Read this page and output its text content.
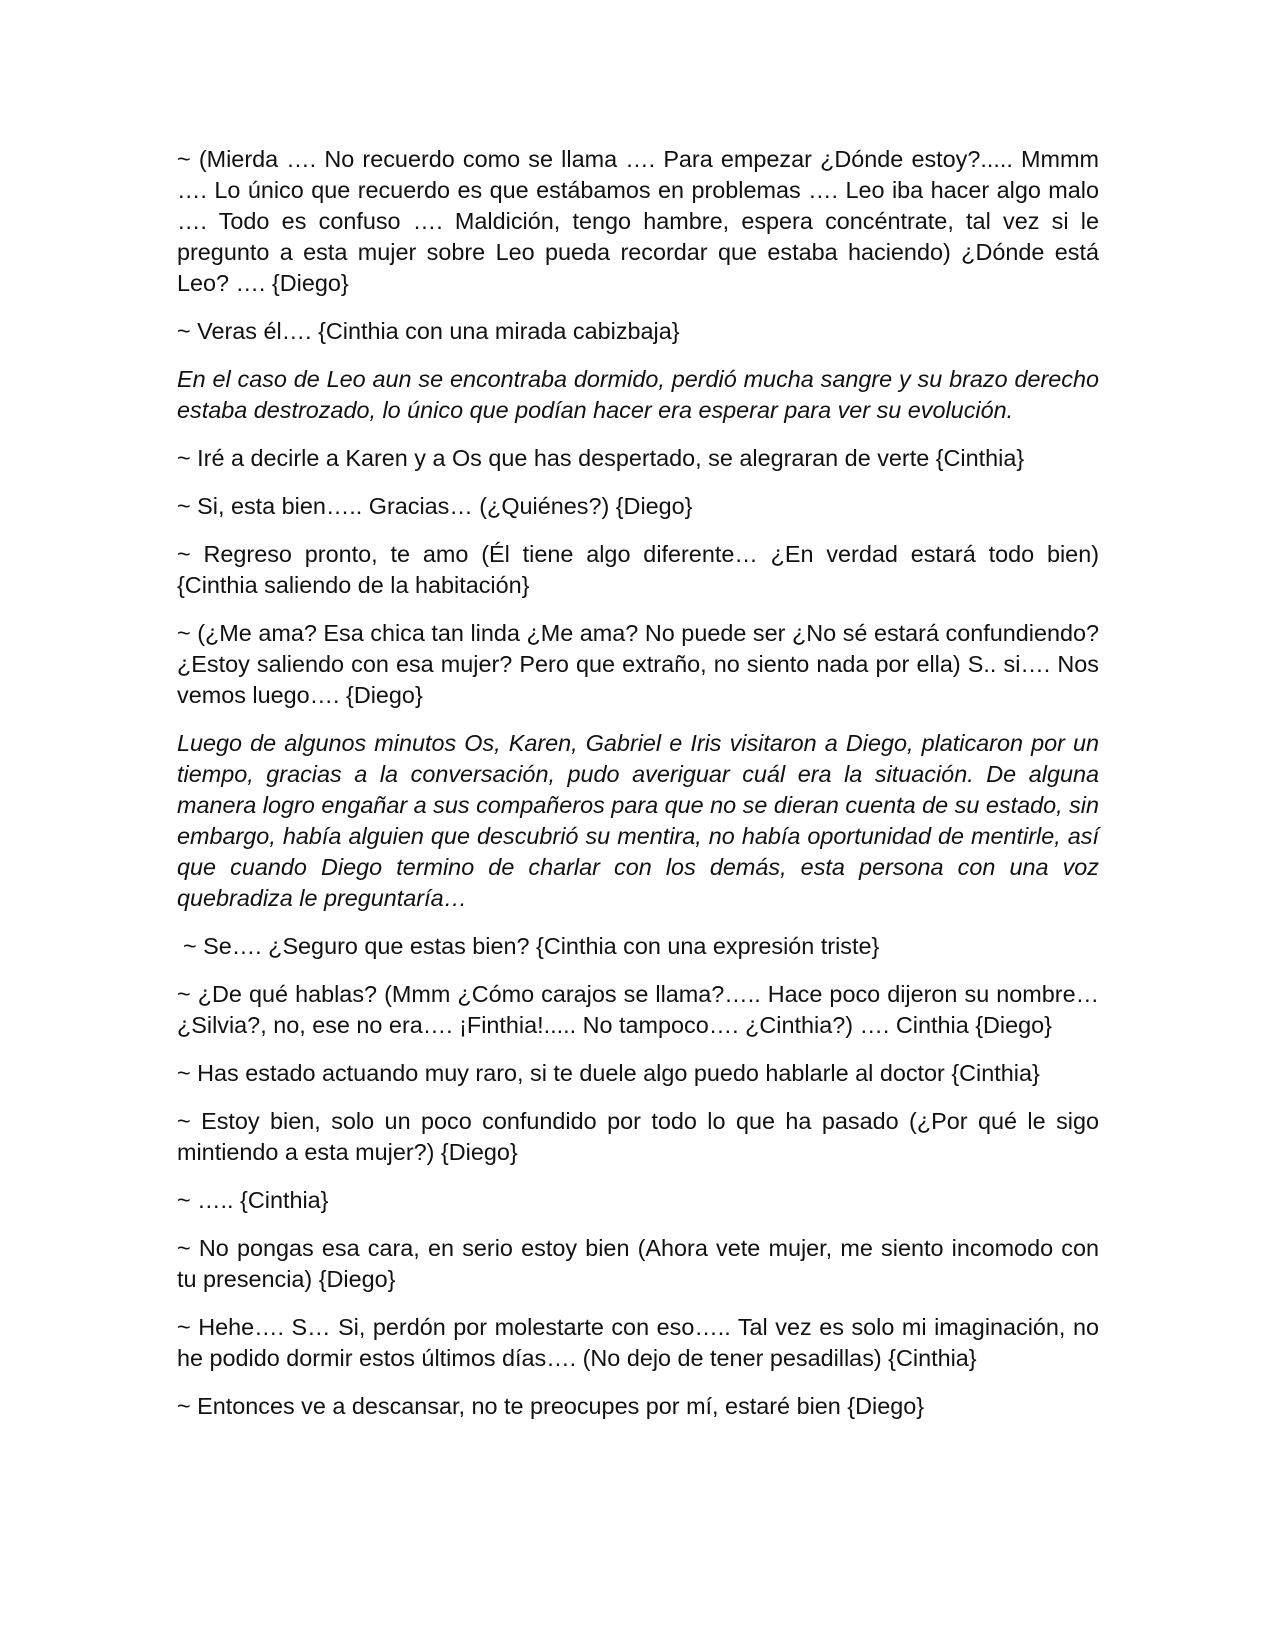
~ (Mierda …. No recuerdo como se llama …. Para empezar ¿Dónde estoy?..... Mmmm …. Lo único que recuerdo es que estábamos en problemas …. Leo iba hacer algo malo …. Todo es confuso …. Maldición, tengo hambre, espera concéntrate, tal vez si le pregunto a esta mujer sobre Leo pueda recordar que estaba haciendo) ¿Dónde está Leo? …. {Diego}

~ Veras él…. {Cinthia con una mirada cabizbaja}

En el caso de Leo aun se encontraba dormido, perdió mucha sangre y su brazo derecho estaba destrozado, lo único que podían hacer era esperar para ver su evolución.

~ Iré a decirle a Karen y a Os que has despertado, se alegraran de verte {Cinthia}

~ Si, esta bien….. Gracias… (¿Quiénes?) {Diego}

~ Regreso pronto, te amo (Él tiene algo diferente… ¿En verdad estará todo bien) {Cinthia saliendo de la habitación}

~ (¿Me ama? Esa chica tan linda ¿Me ama? No puede ser ¿No sé estará confundiendo? ¿Estoy saliendo con esa mujer? Pero que extraño, no siento nada por ella) S.. si…. Nos vemos luego…. {Diego}

Luego de algunos minutos Os, Karen, Gabriel e Iris visitaron a Diego, platicaron por un tiempo, gracias a la conversación, pudo averiguar cuál era la situación. De alguna manera logro engañar a sus compañeros para que no se dieran cuenta de su estado, sin embargo, había alguien que descubrió su mentira, no había oportunidad de mentirle, así que cuando Diego termino de charlar con los demás, esta persona con una voz quebradiza le preguntaría…

~ Se…. ¿Seguro que estas bien? {Cinthia con una expresión triste}

~ ¿De qué hablas? (Mmm ¿Cómo carajos se llama?….. Hace poco dijeron su nombre… ¿Silvia?, no, ese no era…. ¡Finthia!..... No tampoco…. ¿Cinthia?) …. Cinthia {Diego}

~ Has estado actuando muy raro, si te duele algo puedo hablarle al doctor {Cinthia}

~ Estoy bien, solo un poco confundido por todo lo que ha pasado (¿Por qué le sigo mintiendo a esta mujer?) {Diego}

~ ….. {Cinthia}

~ No pongas esa cara, en serio estoy bien (Ahora vete mujer, me siento incomodo con tu presencia) {Diego}

~ Hehe…. S… Si, perdón por molestarte con eso….. Tal vez es solo mi imaginación, no he podido dormir estos últimos días…. (No dejo de tener pesadillas) {Cinthia}

~ Entonces ve a descansar, no te preocupes por mí, estaré bien {Diego}
